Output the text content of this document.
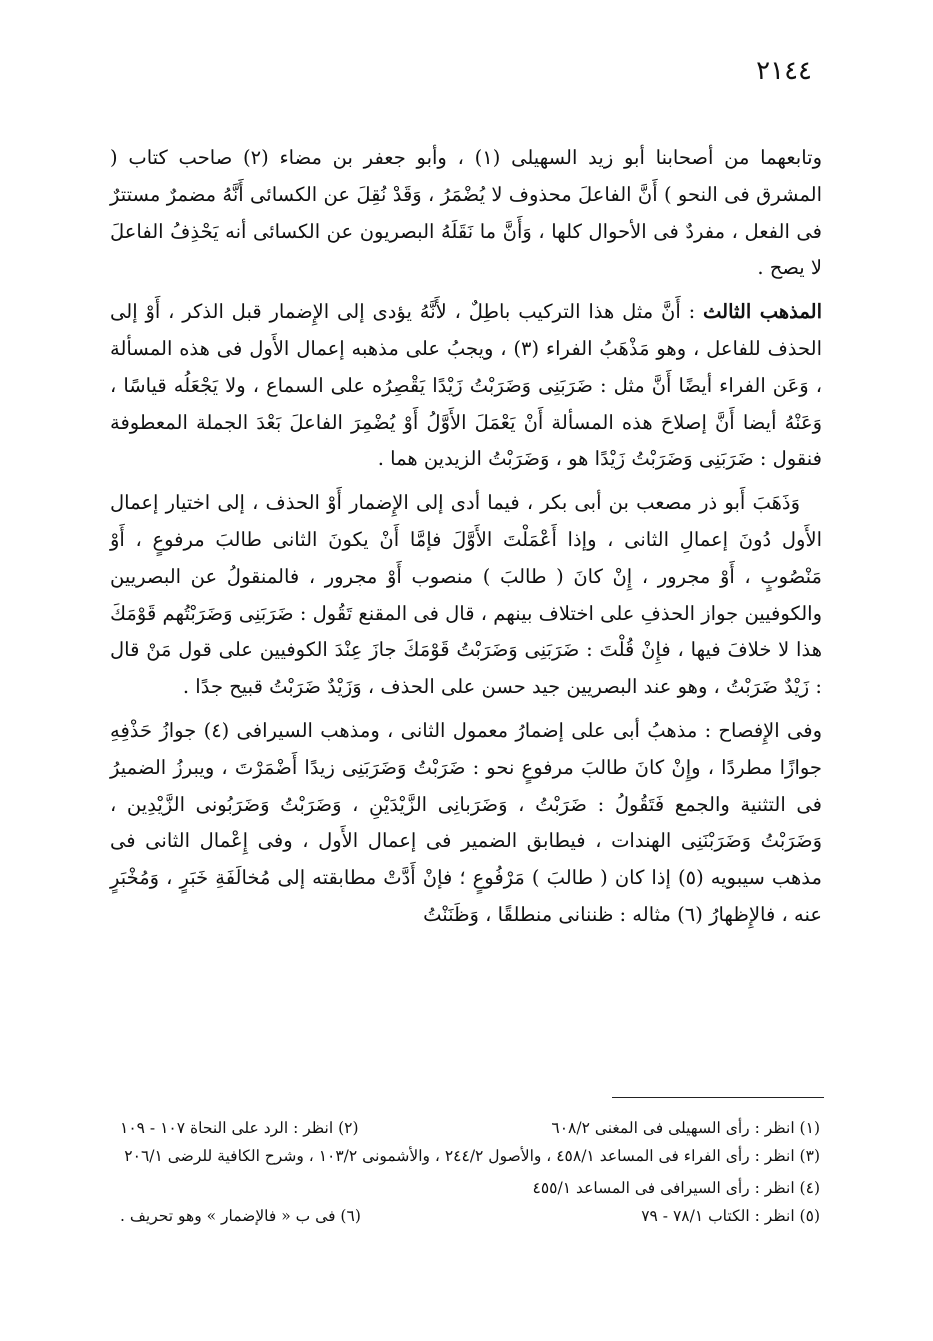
٢١٤٤

وتابعهما من أصحابنا أبو زيد السهيلى (١) ، وأبو جعفر بن مضاء (٢) صاحب كتاب ( المشرق فى النحو ) أَنَّ الفاعلَ محذوف لا يُضْمَرُ ، وَقَدْ نُقِلَ عن الكسائى أَنَّهُ مضمرٌ مستترٌ فى الفعل ، مفردٌ فى الأحوال كلها ، وَأَنَّ ما نَقَلَهُ البصريون عن الكسائى أنه يَحْذِفُ الفاعلَ لا يصح .

المذهب الثالث : أَنَّ مثل هذا التركيب باطِلٌ ، لأَنَّهُ يؤدى إلى الإِضمار قبل الذكر ، أَوْ إلى الحذف للفاعل ، وهو مَذْهَبُ الفراء (٣) ، ويجبُ على مذهبه إعمال الأَول فى هذه المسألة ، وَعَن الفراء أيضًا أَنَّ مثل : ضَرَبَنِى وَضَرَبْتُ زَيْدًا يَقْصِرُه على السماع ، ولا يَجْعَلُه قياسًا ، وَعَنْهُ أيضا أَنَّ إصلاحَ هذه المسألة أَنْ يَعْمَلَ الأَوَّلُ أَوْ يُضْمِرَ الفاعلَ بَعْدَ الجملة المعطوفة فنقول : ضَرَبَنِى وَضَرَبْتُ زَيْدًا هو ، وَضَرَبْتُ الزيدين هما .

وَذَهَبَ أَبو ذر مصعب بن أبى بكر ، فيما أدى إلى الإِضمار أَوْ الحذف ، إلى اختيار إعمال الأَول دُونَ إعمالِ الثانى ، وإذا أَعْمَلْتَ الأَوَّلَ فإمَّا أَنْ يكونَ الثانى طالبَ مرفوعٍ ، أَوْ مَنْصُوبٍ ، أَوْ مجرور ، إِنْ كانَ ( طالبَ ) منصوب أَوْ مجرور ، فالمنقولُ عن البصريين والكوفيين جواز الحذفِ على اختلاف بينهم ، قال فى المقنع تَقُول : ضَرَبَنِى وَضَرَبْتُهم قَوْمَكَ هذا لا خلافَ فيها ، فإِنْ قُلْتَ : ضَرَبَنِى وَضَرَبْتُ قَوْمَكَ جازَ عِنْدَ الكوفيين على قول مَنْ قال : زَيْدٌ ضَرَبْتُ ، وهو عند البصريين جيد حسن على الحذف ، وَزَيْدٌ ضَرَبْتُ قبيح جدًا .

وفى الإِفصاح : مذهبُ أبى على إضمارُ معمول الثانى ، ومذهب السيرافى (٤) جوازُ حَذْفِهِ جوازًا مطردًا ، وإِنْ كانَ طالبَ مرفوعٍ نحو : ضَرَبْتُ وَضَرَبَنِى زيدًا أَضْمَرْتَ ، ويبرزُ الضميرُ فى التثنية والجمع فَتَقُولُ : ضَرَبْتُ ، وَضَرَبانِى الزَّيْدَيْنِ ، وَضَرَبْتُ وَضَرَبُونى الزَّيْدِين ، وَضَرَبْتُ وَضَرَبْنَنِى الهندات ، فيطابق الضمير فى إعمال الأَول ، وفى إِعْمال الثانى فى مذهب سيبويه (٥) إذا كان ( طالبَ ) مَرْفُوعٍ ؛ فإنْ أَدَّتْ مطابقته إلى مُخالَفَةِ خَبَرٍ ، وَمُخْبَرٍ عنه ، فالإِظهارُ (٦) مثاله : ظننانى منطلقًا ، وَظَنَنْتُ

(١) انظر : رأى السهيلى فى المغنى ٦٠٨/٢
(٢) انظر : الرد على النحاة ١٠٧ - ١٠٩
(٣) انظر : رأى الفراء فى المساعد ٤٥٨/١ ، والأصول ٢٤٤/٢ ، والأشمونى ١٠٣/٢ ، وشرح الكافية للرضى ٢٠٦/١
(٤) انظر : رأى السيرافى فى المساعد ٤٥٥/١
(٥) انظر : الكتاب ٧٨/١ - ٧٩
(٦) فى ب « فالإضمار » وهو تحريف .
